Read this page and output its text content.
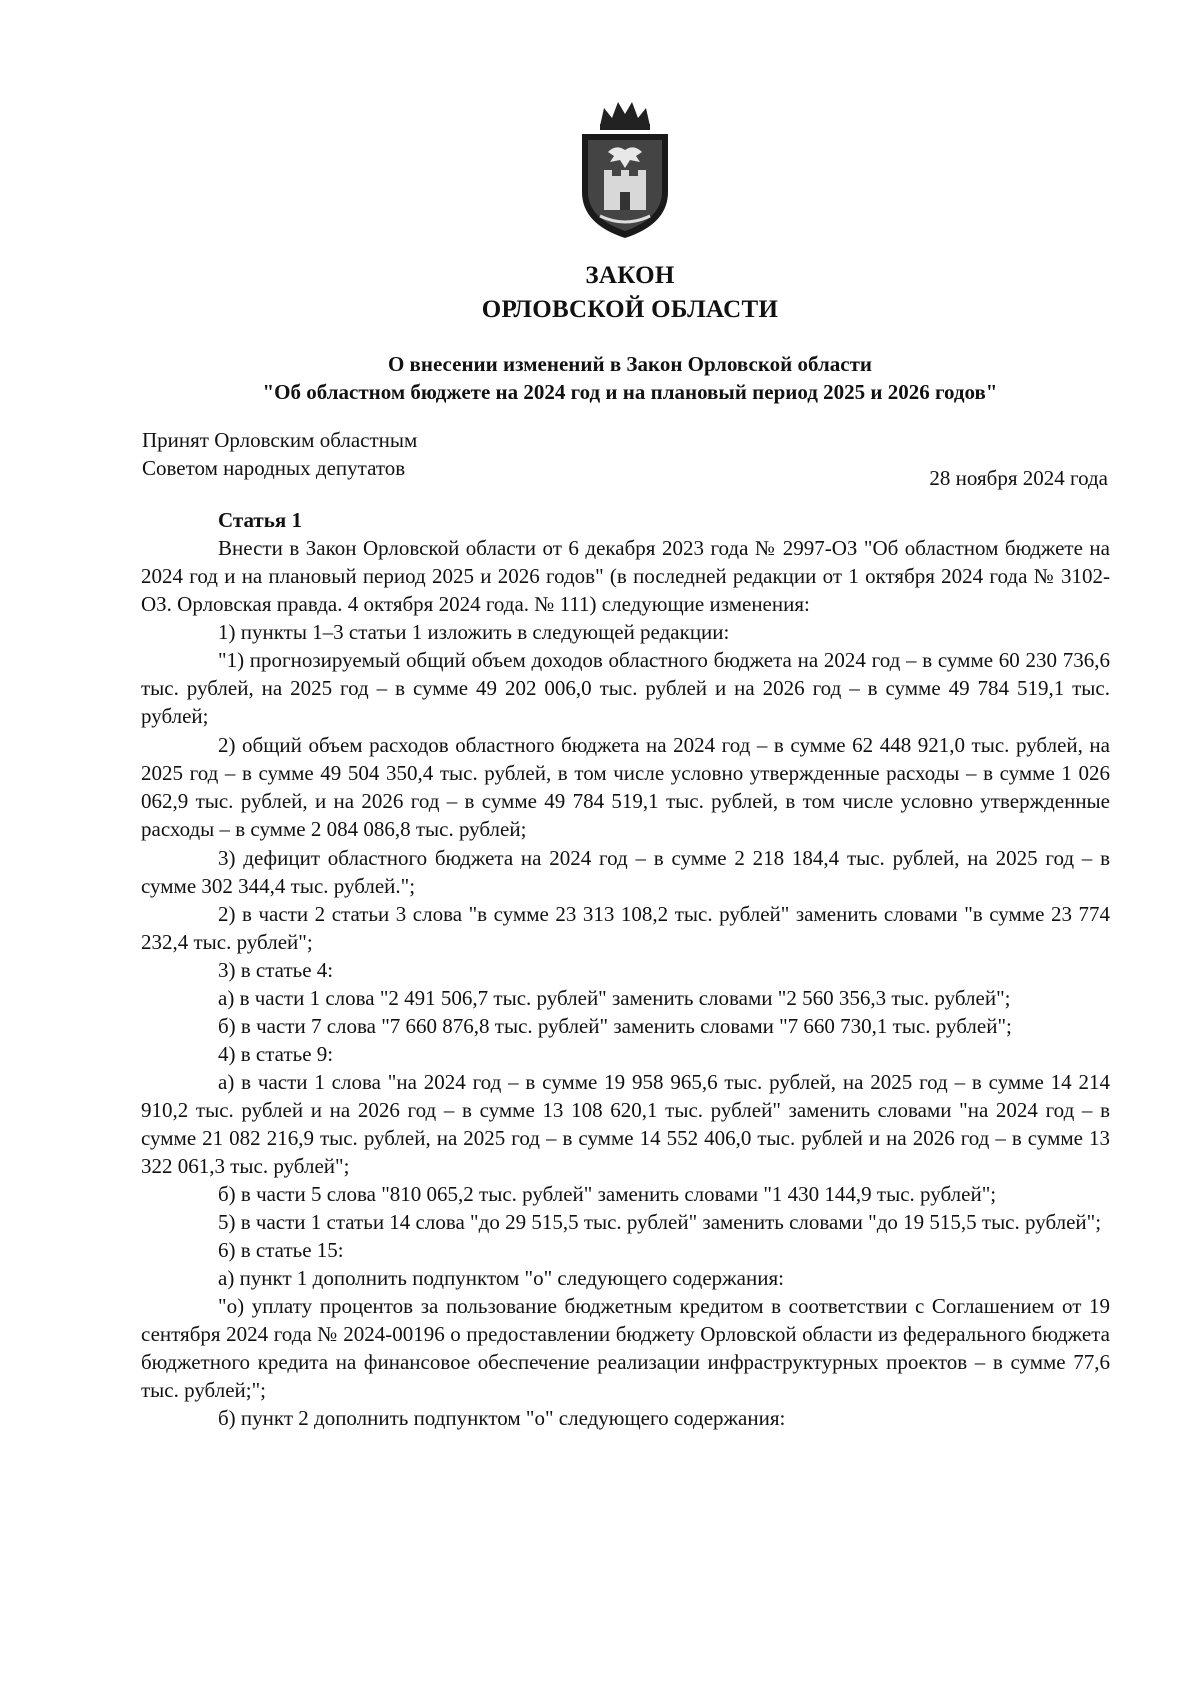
ЗАКОН
ОРЛОВСКОЙ ОБЛАСТИ
О внесении изменений в Закон Орловской области
"Об областном бюджете на 2024 год и на плановый период 2025 и 2026 годов"
Принят Орловским областным
Советом народных депутатов	28 ноября 2024 года
Статья 1

Внести в Закон Орловской области от 6 декабря 2023 года № 2997-ОЗ "Об областном бюджете на 2024 год и на плановый период 2025 и 2026 годов" (в последней редакции от 1 октября 2024 года № 3102-ОЗ. Орловская правда. 4 октября 2024 года. № 111) следующие изменения:

1) пункты 1–3 статьи 1 изложить в следующей редакции:

"1) прогнозируемый общий объем доходов областного бюджета на 2024 год – в сумме 60 230 736,6 тыс. рублей, на 2025 год – в сумме 49 202 006,0 тыс. рублей и на 2026 год – в сумме 49 784 519,1 тыс. рублей;

2) общий объем расходов областного бюджета на 2024 год – в сумме 62 448 921,0 тыс. рублей, на 2025 год – в сумме 49 504 350,4 тыс. рублей, в том числе условно утвержденные расходы – в сумме 1 026 062,9 тыс. рублей, и на 2026 год – в сумме 49 784 519,1 тыс. рублей, в том числе условно утвержденные расходы – в сумме 2 084 086,8 тыс. рублей;

3) дефицит областного бюджета на 2024 год – в сумме 2 218 184,4 тыс. рублей, на 2025 год – в сумме 302 344,4 тыс. рублей.";

2) в части 2 статьи 3 слова "в сумме 23 313 108,2 тыс. рублей" заменить словами "в сумме 23 774 232,4 тыс. рублей";

3) в статье 4:

а) в части 1 слова "2 491 506,7 тыс. рублей" заменить словами "2 560 356,3 тыс. рублей";

б) в части 7 слова "7 660 876,8 тыс. рублей" заменить словами "7 660 730,1 тыс. рублей";

4) в статье 9:

а) в части 1 слова "на 2024 год – в сумме 19 958 965,6 тыс. рублей, на 2025 год – в сумме 14 214 910,2 тыс. рублей и на 2026 год – в сумме 13 108 620,1 тыс. рублей" заменить словами "на 2024 год – в сумме 21 082 216,9 тыс. рублей, на 2025 год – в сумме 14 552 406,0 тыс. рублей и на 2026 год – в сумме 13 322 061,3 тыс. рублей";

б) в части 5 слова "810 065,2 тыс. рублей" заменить словами "1 430 144,9 тыс. рублей";

5) в части 1 статьи 14 слова "до 29 515,5 тыс. рублей" заменить словами "до 19 515,5 тыс. рублей";

6) в статье 15:

а) пункт 1 дополнить подпунктом "о" следующего содержания:

"о) уплату процентов за пользование бюджетным кредитом в соответствии с Соглашением от 19 сентября 2024 года № 2024-00196 о предоставлении бюджету Орловской области из федерального бюджета бюджетного кредита на финансовое обеспечение реализации инфраструктурных проектов – в сумме 77,6 тыс. рублей;";

б) пункт 2 дополнить подпунктом "о" следующего содержания:
